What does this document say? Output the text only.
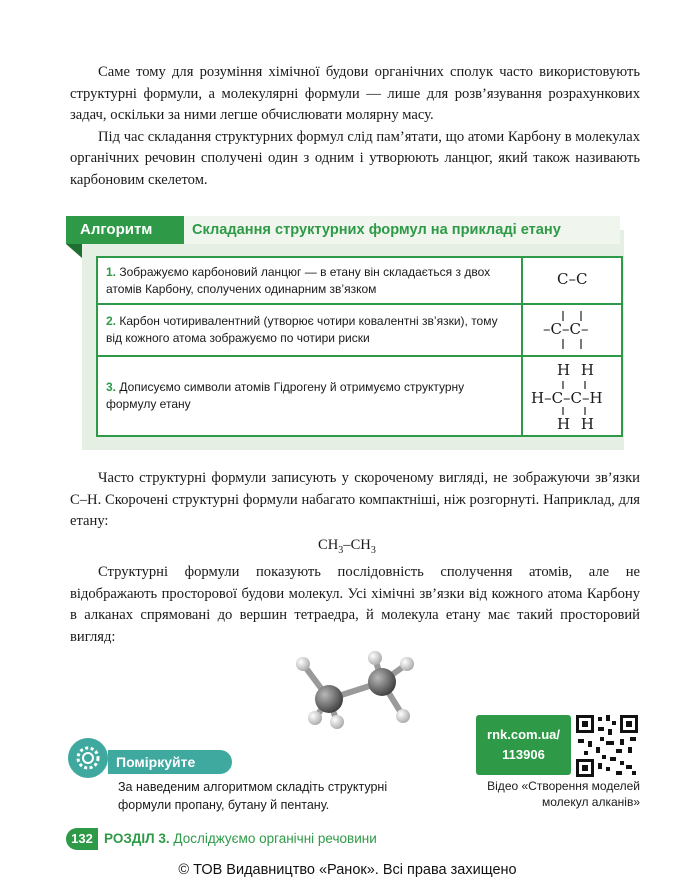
Саме тому для розуміння хімічної будови органічних сполук часто використовують структурні формули, а молекулярні формули — лише для розв’язування розрахункових задач, оскільки за ними легше обчислювати молярну масу.

Під час складання структурних формул слід пам’ятати, що атоми Карбону в молекулах органічних речовин сполучені один з одним і утворюють ланцюг, який також називають карбоновим скелетом.

Алгоритм	Складання структурних формул на прикладі етану
1. Зображуємо карбоновий ланцюг — в етану він складається з двох атомів Карбону, сполучених одинарним зв’язком
C–C
2. Карбон чотиривалентний (утворює чотири ковалентні зв’язки), тому від кожного атома зображуємо по чотири риски	–C–C–
3. Дописуємо символи атомів Гідрогену й отримуємо структурну формулу етану
H H
H–C–C–H
H H

Часто структурні формули записують у скороченому вигляді, не зображуючи зв’язки C–H. Скорочені структурні формули набагато компактніші, ніж розгорнуті. Наприклад, для етану:

$CH_3-CH_3$

Структурні формули показують послідовність сполучення атомів, але не відображають просторової будови молекул. Усі хімічні зв’язки від кожного атома Карбону в алканах спрямовані до вершин тетраедра, й молекула етану має такий просторовий вигляд:

Поміркуйте
За наведеним алгоритмом складіть структурні формули пропану, бутану й пентану.
rnk.com.ua/
113906
Відео «Створення моделей молекул алканів»
132 РОЗДІЛ 3. Досліджуємо органічні речовини
© ТОВ Видавництво «Ранок». Всі права захищено
